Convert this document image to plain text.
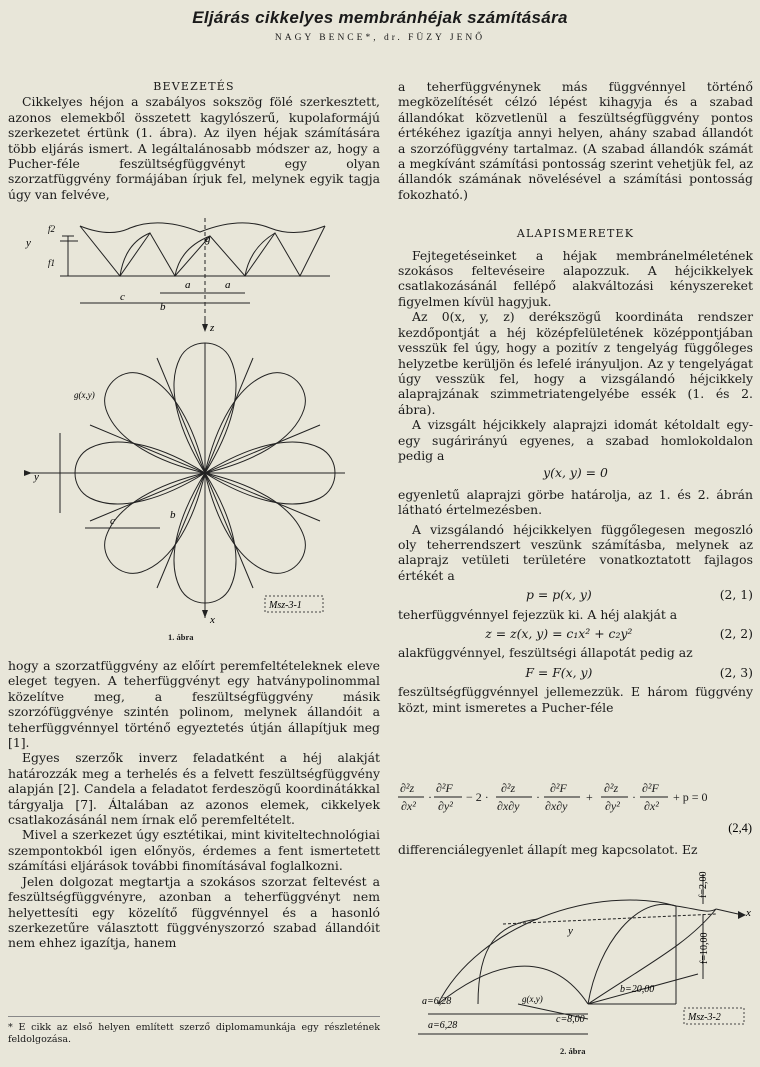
Eljárás cikkelyes membránhéjak számítására
NAGY BENCE*, dr. FÜZY JENŐ

BEVEZETÉS

Cikkelyes héjon a szabályos sokszög fölé szerkesztett, azonos elemekből összetett kagylószerű, kupolaformájú szerkezetet értünk (1. ábra). Az ilyen héjak számítására több eljárás ismert. A legáltalánosabb módszer az, hogy a Pucher-féle feszültségfüggvényt egy olyan szorzatfüggvény formájában írjuk fel, melynek egyik tagja úgy van felvéve,

y
f1
f2
g
c
b
a	a
z
g(x,y)
y
x
c	b
Msz-3-1
1. ábra

hogy a szorzatfüggvény az előírt peremfeltételeknek eleve eleget tegyen. A teherfüggvényt egy hatványpolinommal közelítve meg, a feszültségfüggvény másik szorzófüggvénye szintén polinom, melynek állandóit a teherfüggvénnyel történő egyeztetés útján állapítjuk meg [1].

Egyes szerzők inverz feladatként a héj alakját határozzák meg a terhelés és a felvett feszültségfüggvény alapján [2]. Candela a feladatot ferdeszögű koordinátákkal tárgyalja [7]. Általában az azonos elemek, cikkelyek csatlakozásánál nem írnak elő peremfeltételt.

Mivel a szerkezet úgy esztétikai, mint kiviteltechnológiai szempontokból igen előnyös, érdemes a fent ismertetett számítási eljárások további finomításával foglalkozni.

Jelen dolgozat megtartja a szokásos szorzat feltevést a feszültségfüggvényre, azonban a teherfüggvényt nem helyettesíti egy közelítő függvénnyel és a hasonló szerkezetűre választott függvényszorzó szabad állandóit nem ehhez igazítja, hanem

* E cikk az első helyen említett szerző diplomamunkája egy részletének feldolgozása.

a teherfüggvénynek más függvénnyel történő megközelítését célzó lépést kihagyja és a szabad állandókat közvetlenül a feszültségfüggvény pontos értékéhez igazítja annyi helyen, ahány szabad állandót a szorzófüggvény tartalmaz. (A szabad állandók számát a megkívánt számítási pontosság szerint vehetjük fel, az állandók számának növelésével a számítási pontosság fokozható.)

ALAPISMERETEK

Fejtegetéseinket a héjak membránelméletének szokásos feltevéseire alapozzuk. A héjcikkelyek csatlakozásánál fellépő alakváltozási kényszereket figyelmen kívül hagyjuk.

Az 0(x, y, z) derékszögű koordináta rendszer kezdőpontját a héj középfelületének középpontjában vesszük fel úgy, hogy a pozitív z tengelyág függőleges helyzetbe kerüljön és lefelé irányuljon. Az y tengelyágat úgy vesszük fel, hogy a vizsgálandó héjcikkely alaprajzának szimmetriatengelyébe essék (1. és 2. ábra).

A vizsgált héjcikkely alaprajzi idomát kétoldalt egy-egy sugárirányú egyenes, a szabad homlokoldalon pedig a

y(x, y) = 0

egyenletű alaprajzi görbe határolja, az 1. és 2. ábrán látható értelmezésben.

A vizsgálandó héjcikkelyen függőlegesen megoszló oly teherrendszert veszünk számításba, melynek az alaprajz vetületi területére vonatkoztatott fajlagos értékét a

p = p(x, y)	(2, 1)

teherfüggvénnyel fejezzük ki. A héj alakját a

z = z(x, y) = c₁x² + c₂y²	(2, 2)

alakfüggvénnyel, feszültségi állapotát pedig az

F = F(x, y)	(2, 3)

feszültségfüggvénnyel jellemezzük. E három függvény közt, mint ismeretes a Pucher-féle

∂²z
∂x²
·
∂²F
∂y²
− 2 ·
∂²z
∂x∂y
·
∂²F
∂x∂y
+
∂²z
∂y²
·
∂²F
∂x²
+ p = 0
(2,4)

differenciálegyenlet állapít meg kapcsolatot. Ez

f=2,00
f=10,00
x
y
b=20,00
c=8,00
a=6,28
a=6,28
g(x,y)
Msz-3-2
2. ábra
